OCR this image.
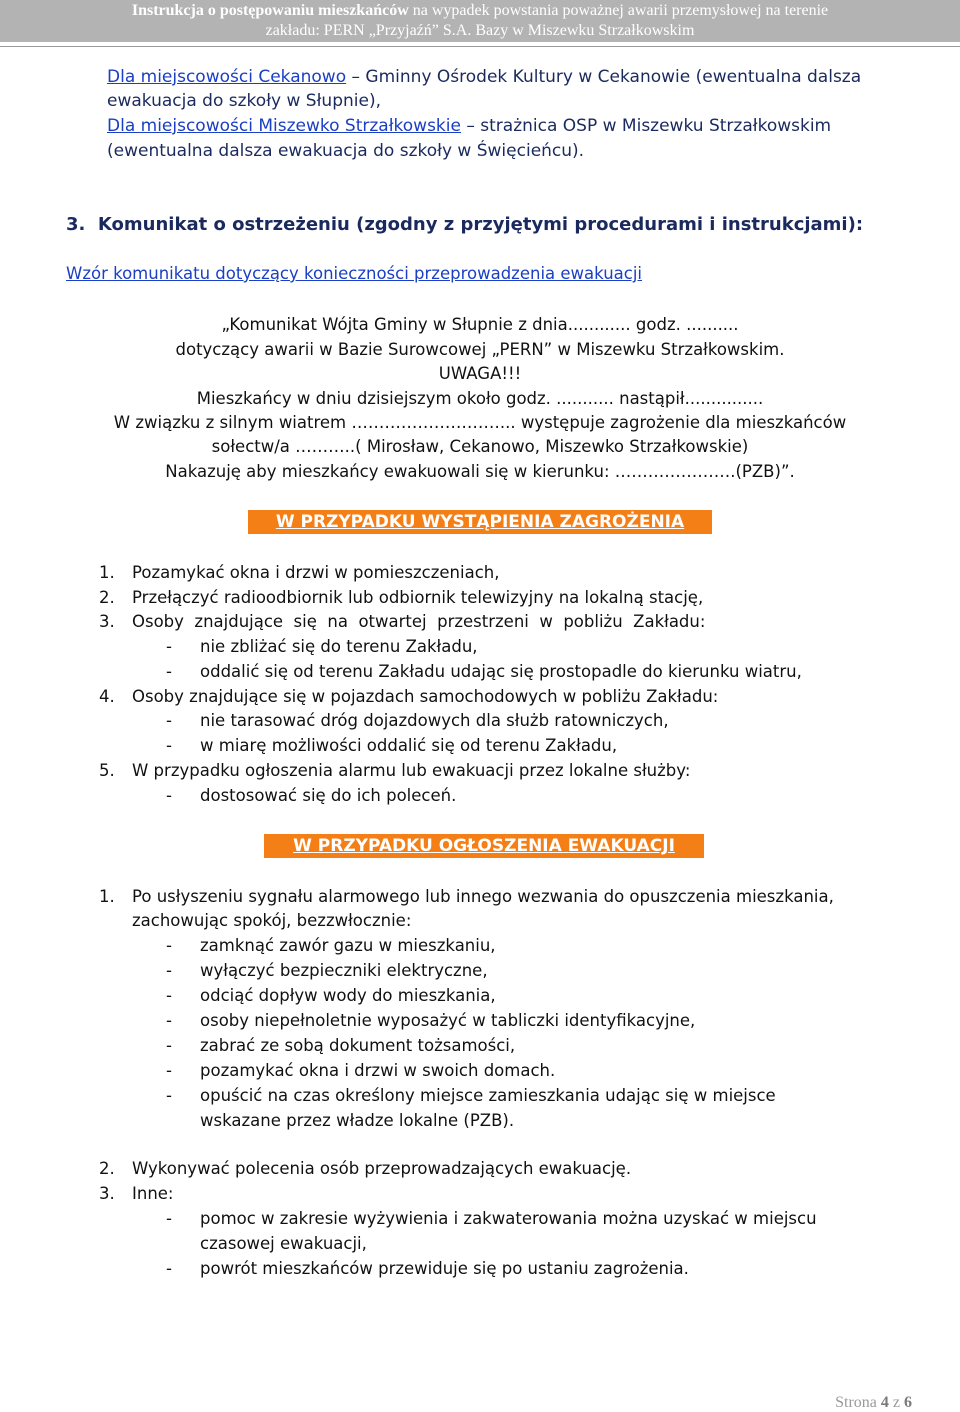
Instrukcja o postępowaniu mieszkańców na wypadek powstania poważnej awarii przemysłowej na terenie
zakładu: PERN „Przyjaźń” S.A. Bazy w Miszewku Strzałkowskim
Dla miejscowości Cekanowo – Gminny Ośrodek Kultury w Cekanowie (ewentualna dalsza
ewakuacja do szkoły w Słupnie),
Dla miejscowości Miszewko Strzałkowskie – strażnica OSP w Miszewku Strzałkowskim
(ewentualna dalsza ewakuacja do szkoły w Święcieńcu).
3. Komunikat o ostrzeżeniu (zgodny z przyjętymi procedurami i instrukcjami):
Wzór komunikatu dotyczący konieczności przeprowadzenia ewakuacji
„Komunikat Wójta Gminy w Słupnie z dnia............ godz. ..........
dotyczący awarii w Bazie Surowcowej „PERN” w Miszewku Strzałkowskim.
UWAGA!!!
Mieszkańcy w dniu dzisiejszym około godz. ........... nastąpił...............
W związku z silnym wiatrem ………………………... występuje zagrożenie dla mieszkańców
sołectw/a ………..( Mirosław, Cekanowo, Miszewko Strzałkowskie)
Nakazuję aby mieszkańcy ewakuowali się w kierunku: ………………….(PZB)”.
W PRZYPADKU WYSTĄPIENIA ZAGROŻENIA
1. Pozamykać okna i drzwi w pomieszczeniach,
2. Przełączyć radioodbiornik lub odbiornik telewizyjny na lokalną stację,
3. Osoby  znajdujące  się  na  otwartej  przestrzeni  w  pobliżu  Zakładu:
- nie zbliżać się do terenu Zakładu,
- oddalić się od terenu Zakładu udając się prostopadle do kierunku wiatru,
4. Osoby znajdujące się w pojazdach samochodowych w pobliżu Zakładu:
- nie tarasować dróg dojazdowych dla służb ratowniczych,
- w miarę możliwości oddalić się od terenu Zakładu,
5. W przypadku ogłoszenia alarmu lub ewakuacji przez lokalne służby:
- dostosować się do ich poleceń.
W PRZYPADKU OGŁOSZENIA EWAKUACJI
1. Po usłyszeniu sygnału alarmowego lub innego wezwania do opuszczenia mieszkania,
zachowując spokój, bezzwłocznie:
- zamknąć zawór gazu w mieszkaniu,
- wyłączyć bezpieczniki elektryczne,
- odciąć dopływ wody do mieszkania,
- osoby niepełnoletnie wyposażyć w tabliczki identyfikacyjne,
- zabrać ze sobą dokument tożsamości,
- pozamykać okna i drzwi w swoich domach.
- opuścić na czas określony miejsce zamieszkania udając się w miejsce
wskazane przez władze lokalne (PZB).
2. Wykonywać polecenia osób przeprowadzających ewakuację.
3. Inne:
- pomoc w zakresie wyżywienia i zakwaterowania można uzyskać w miejscu
czasowej ewakuacji,
- powrót mieszkańców przewiduje się po ustaniu zagrożenia.
Strona 4 z 6
